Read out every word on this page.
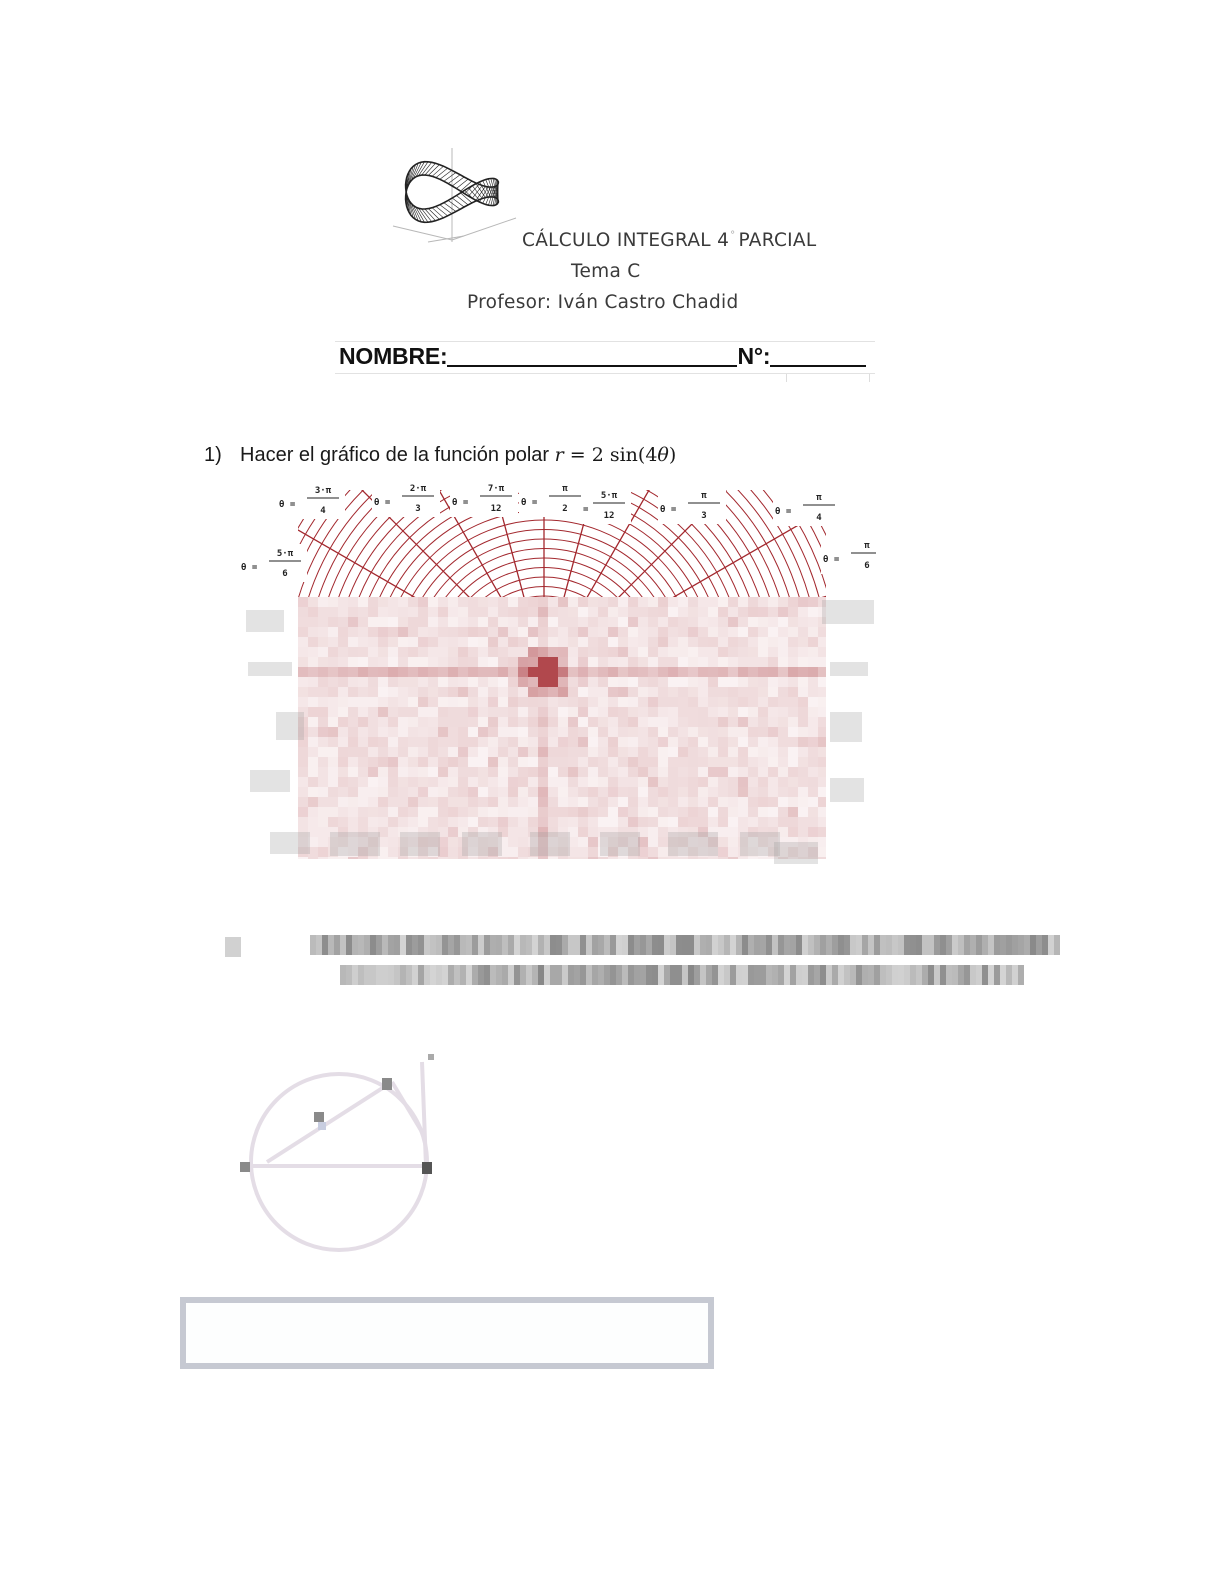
CÁLCULO INTEGRAL 4° PARCIAL
Tema C
Profesor: Iván Castro Chadid
NOMBRE:	N°:
1) Hacer el gráfico de la función polar r = 2 sin(4θ)
θ =
3·π
4
θ =
2·π
3
θ =
7·π
12
θ =
π
2 =
5·π
12
θ =
π
3	θ =
π
4
θ =
π
6
θ =
5·π
6
